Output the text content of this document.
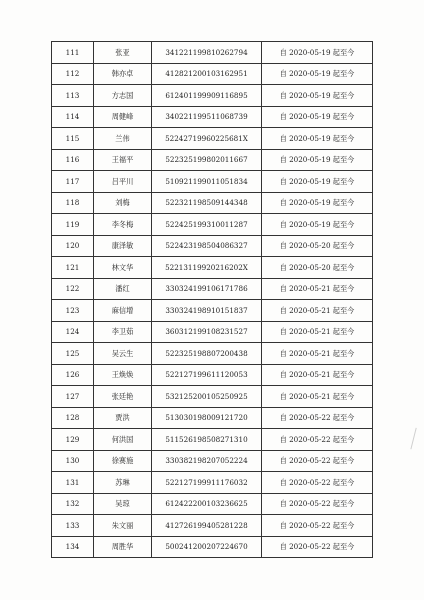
111	张亚	341221199810262794	自 2020-05-19 起至今
112	韩亦卓	412821200103162951	自 2020-05-19 起至今
113	方志国	612401199909116895	自 2020-05-19 起至今
114	周健峰	340221199511068739	自 2020-05-19 起至今
115	兰伟	52242719960225681X	自 2020-05-19 起至今
116	王福平	522325199802011667	自 2020-05-19 起至今
117	吕平川	510921199011051834	自 2020-05-19 起至今
118	刘梅	522321198509144348	自 2020-05-19 起至今
119	李冬梅	522425199310011287	自 2020-05-19 起至今
120	康泽敏	522423198504086327	自 2020-05-20 起至今
121	林文华	52213119920216202X	自 2020-05-20 起至今
122	潘红	330324199106171786	自 2020-05-21 起至今
123	麻信增	330324198910151837	自 2020-05-21 起至今
124	李卫茹	360312199108231527	自 2020-05-21 起至今
125	吴云生	522325198807200438	自 2020-05-21 起至今
126	王焕焕	522127199611120053	自 2020-05-21 起至今
127	张廷艳	532125200105250925	自 2020-05-21 起至今
128	贾洪	513030198009121720	自 2020-05-22 起至今
129	何洪国	511526198508271310	自 2020-05-22 起至今
130	徐赛施	330382198207052224	自 2020-05-22 起至今
131	苏琳	522127199911176032	自 2020-05-22 起至今
132	吴琼	612422200103236625	自 2020-05-22 起至今
133	朱文丽	412726199405281228	自 2020-05-22 起至今
134	周胜华	500241200207224670	自 2020-05-22 起至今
